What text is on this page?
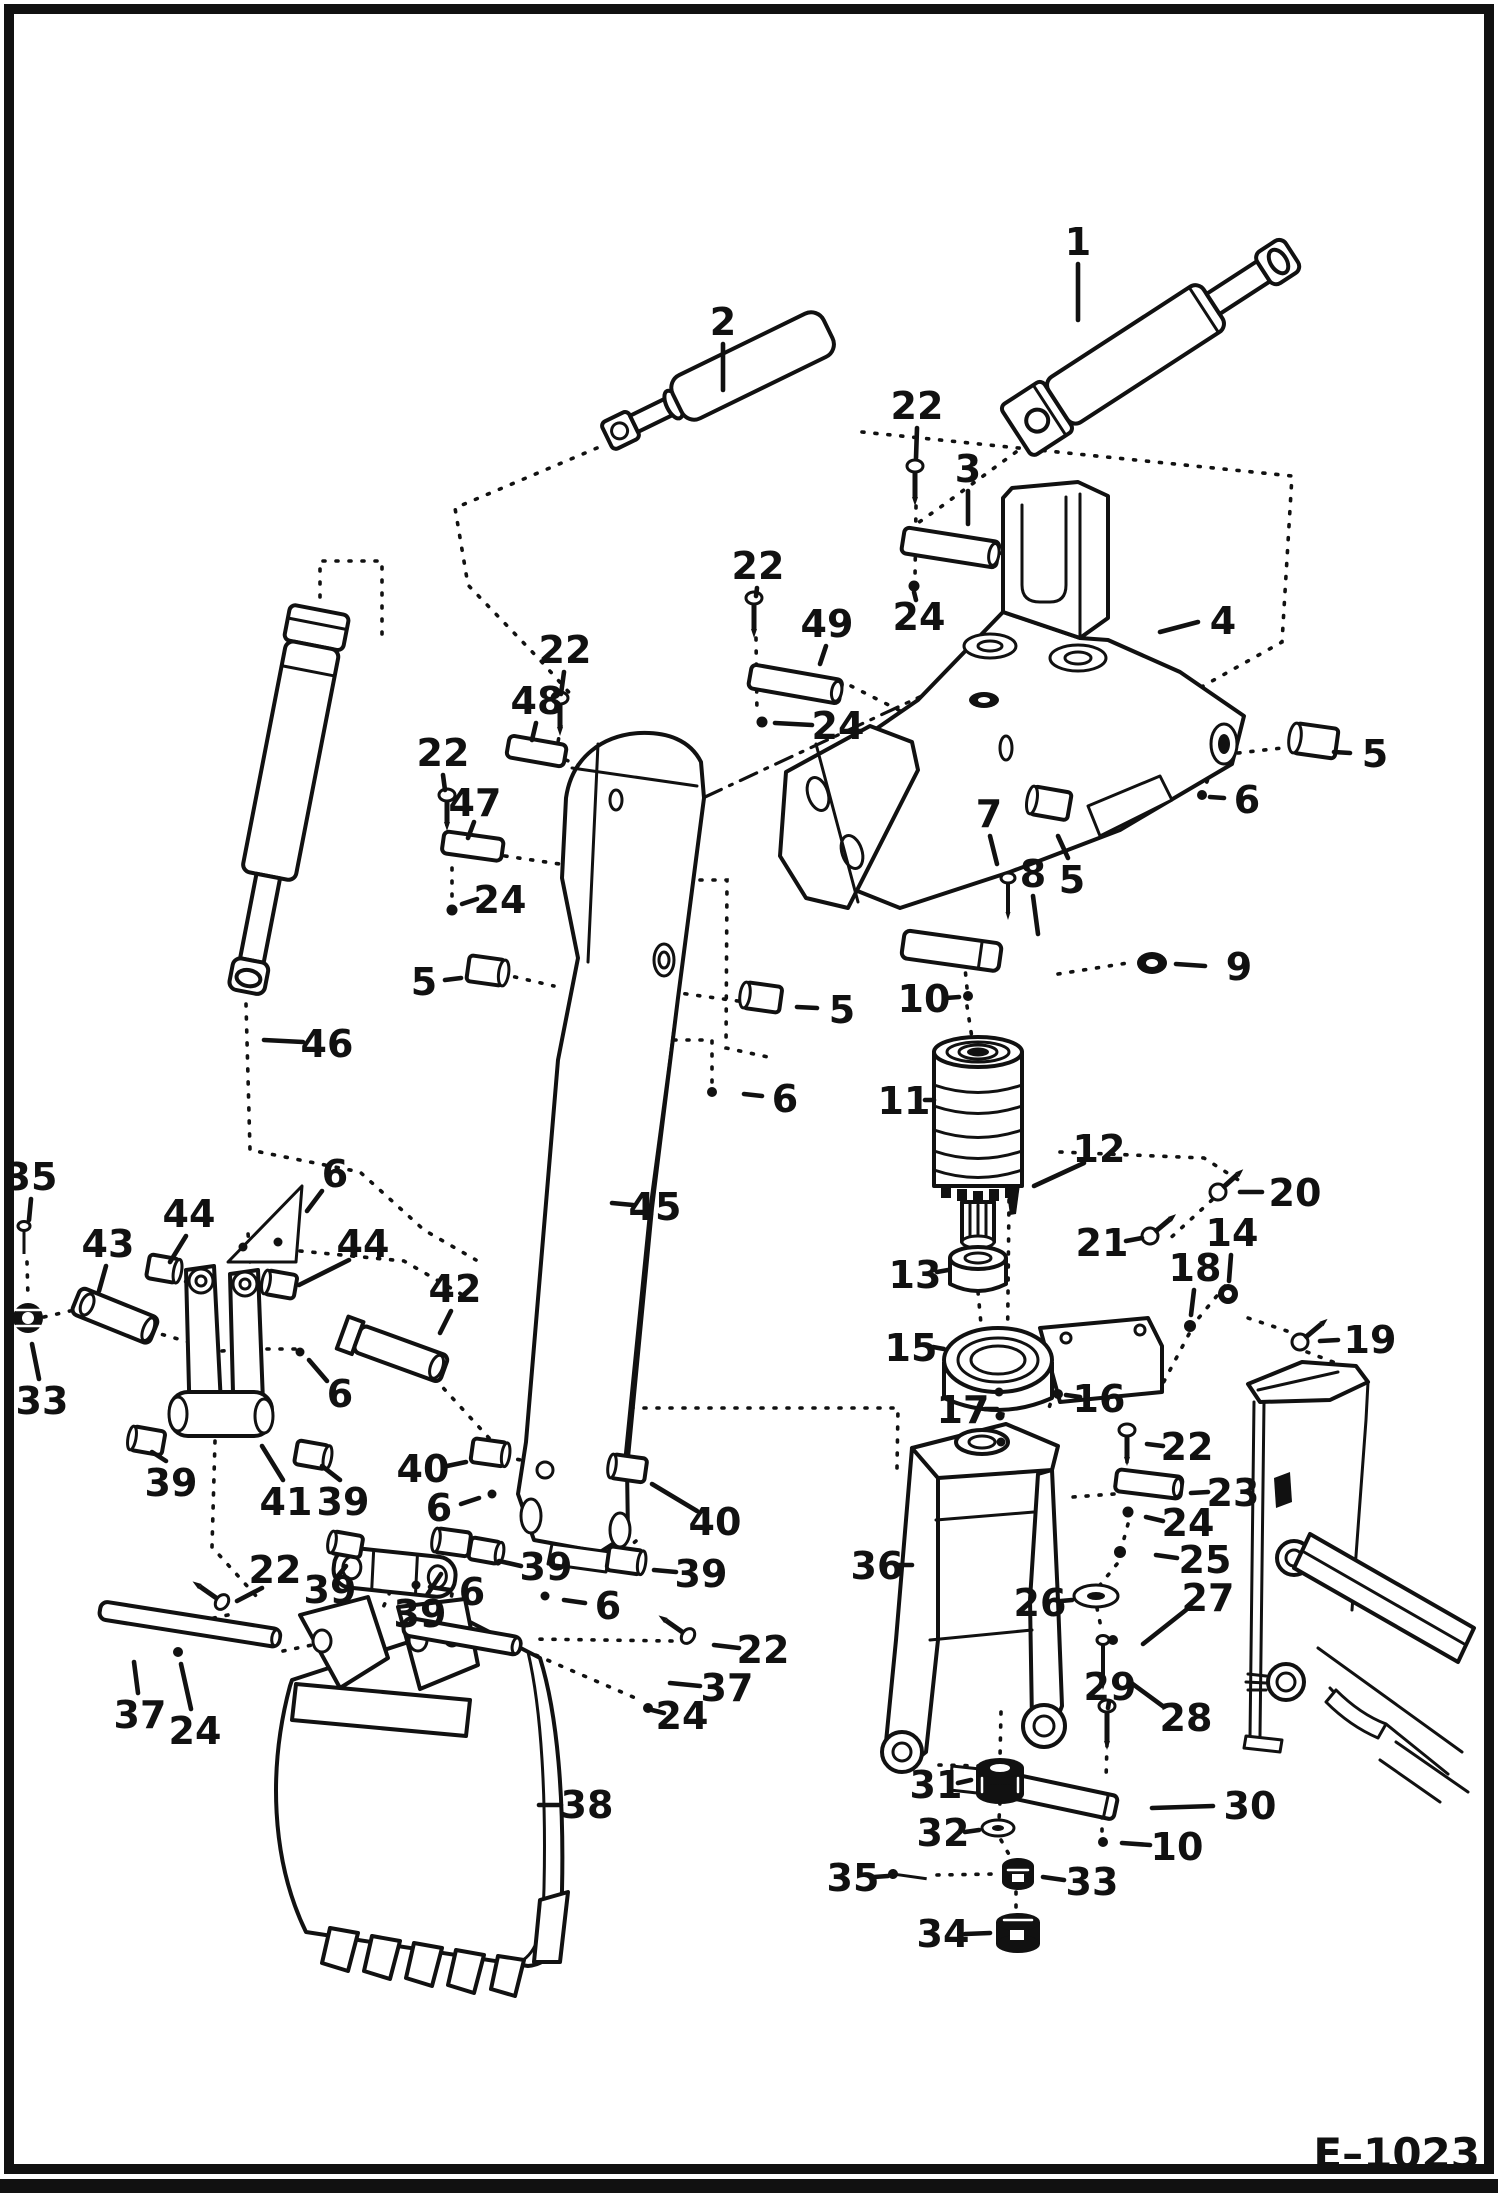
1
2
22
3
24	4
22
49
24
22
48
22
47
24
5
5
6
46
45
5
6
7
8 5
9
10
11
12
20
21 14
18
13
19
15
16
17
35
44
6
43	44
42
33	6
39 41 39
40
6	40
39
39	6
22	36
22
23
24
25
26	27
29
28
31	30
32	10
35	33
34
22
37
24
37 24
38
39
39
6
E–1023
